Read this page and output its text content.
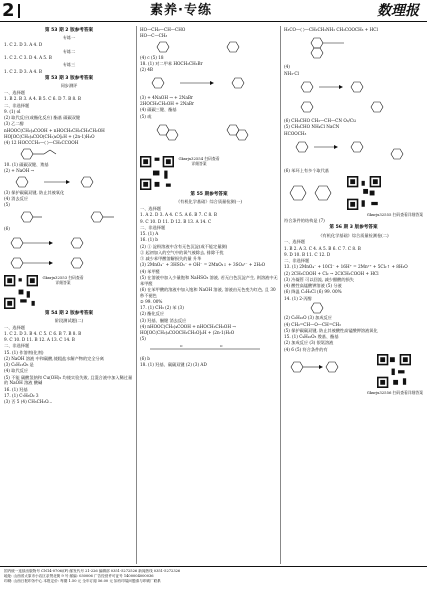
2	素养·专练	数理报
第 53 期 2 版参考答案
专练一
1. C 2. D 3. A 4. D
专练二
1. C 2. C 3. D 4. A 5. B
专练三
1. C 2. D 3. A 4. B
第 53 期 3 版参考答案
同步测评
一、选择题
1. B 2. B 3. A 4. B 5. C 6. D 7. B 8. B
二、非选择题
9. (1) ol
(2) 取代反应(或酯化反应) 酯基 碳碳双键
(3) 乙二醇
nHOOC(CH₂)₄COOH + nHOCH₂CH₂CH₂CH₂OH
HO[OC(CH₂)₄COO(CH₂)₄O]ₙH + (2n-1)H₂O
(4) 12 HOCCCH₂—⟨ ⟩—CH₂CCOOH
10. (1) 碳碳双键、羧基
(2) + NaOH →
(3) 保护碳碳双键, 防止其被氧化
(4) 消去反应
(5)
(6)
Gkxrjx32553 扫码查看详细答案
第 54 期 2 版参考答案
阶段测试题(二)
一、选择题
1. C 2. D 3. B 4. C 5. C 6. B 7. B 8. B
9. C 10. D 11. B 12. A 13. C 14. B
二、非选择题
15. (1) 作溶剂(化剂)
(2) NaOH 溶液 中和碳酸,使粗盐水解产物的完全分离
(3) C₆H₁₂O₆ 是
(4) 取代反应
(5) 不能 碳酸氢钠和 Cu(OH)₂ 均使实验失败, 且混合液中加入稀过量的 NaOH 溶液 酸碱
16. (1) 羟基
17. (1) C₇H₆O₂ 3
(3) 否 5 (4) CH₃CH₂O...
HO—CH₂—CH—CHO
HO—C—CH₃
(4) c (5) 18
18. (1) 对二甲苯 HOCH₂CH₂Br
(2) 4B
(3) + 4NaOH → + 2NaBr
2HOCH₂CH₂OH + 2NaBr
(4) 碳碳三键、酯基
(5) 或
Gkxrjx32554 扫码查看详细答案
第 55 期参考答案
《有机化学基础》综合质量检测(一)
一、选择题
1. A 2. D 3. A 4. C 5. A 6. B 7. C 8. B
9. C 10. D 11. D 12. B 13. A 14. C
二、非选择题
15. (1) A
16. (1) b
(2) ① 淀粉溶液中含有无色沉淀(或不能定量测)
② 起初加入的空气中的氧气被除去, 排除干扰
③ 减少苯甲酸溶解损失的量 升华
(3) 2MnO₄⁻ + 3HSO₃⁻ + OH⁻ = 2MnO₂↓ + 3SO₄²⁻ + 2H₂O
(4) 苯甲醛
(5) 在溶液中加入少量饱和 NaHSO₃ 溶液, 若无白色沉淀产生, 则溶液中无苯甲醛
(6) 在苯甲酸的溶液中加入饱和 NaOH 溶液, 溶液由无色变为红色, 且 30 秒不褪色
② 99. 00%
17. (1) CH₃ (2) 苯 (3)
(2) 酯化反应
(3) 羟基、醚键 消去反应
(4) nHOOC(CH₂)₄COOH + nHOCH₂CH₂OH →
HO[OC(CH₂)₄COOCH₂CH₂O]ₙH + (2n-1)H₂O
(5)
O	O
(6) b
18. (1) 羟基、碳碳双键 (2) (3) AD
H₃CO—⟨ ⟩—CH₂CH₂NH₂ CH₂COOCH₃ + HCl
(4)
NH₂·Cl
(6) CH₃CHO CH₃—CH—CN O₂/Cu
(5) CH₃CHO NH₄Cl NaCN
HCOOCH₃
(6) 苯环上有多个取代基
Gkxrjx32555 扫码查看详细答案
符合条件的结构是 (7)
第 56 期 3 版参考答案
《有机化学基础》综合质量检测卷(二)
一、选择题
1. B 2. A 3. C 4. A 5. B 6. C 7. C 8. B
9. D 10. B 11. C 12. D
二、非选择题
13. (1) 2MnO₄⁻ + 10Cl⁻ + 16H⁺ = 2Mn²⁺ + 5Cl₂↑ + 8H₂O
(2) 2CH₃COOH + Cl₂ → 2ClCH₂COOH + HCl
(3) 冷凝管 可以回流, 减少醋酸的损失
(4) 酸性高锰酸钾溶液 (5) 分液
(6) 降温 C₂H₅Cl (6) 99. 00%
14. (1) 2-丙醇
(2) C₆H₁₀O (3) 加成反应
(4) CH₂=CH—O—CH=CH₂
(5) 保护碳碳双键, 防止其被酸性高锰酸钾溶液氧化
15. (1) C₉H₁₀O₃ 羧基、酯基
(2) 加成反应 (3) 银氨溶液
(4) 6 (5) 符合条件的有
Gkxrjx32556 扫码查看详细答案
国内统一连续出版物号 CN14-0706/(F) 邮发代号 21-226 编辑部 0351-5272526 新闻热线 0351-5272326
地址: 山西省太原市小店区亲贤北街 9 号 邮编: 030006 广告经营许可证号 1400004000036
印刷: 山西日报印务中心 本报定价: 每期 1.50 元 全年订阅 56.00 元 如有印装问题请与印刷厂联系
